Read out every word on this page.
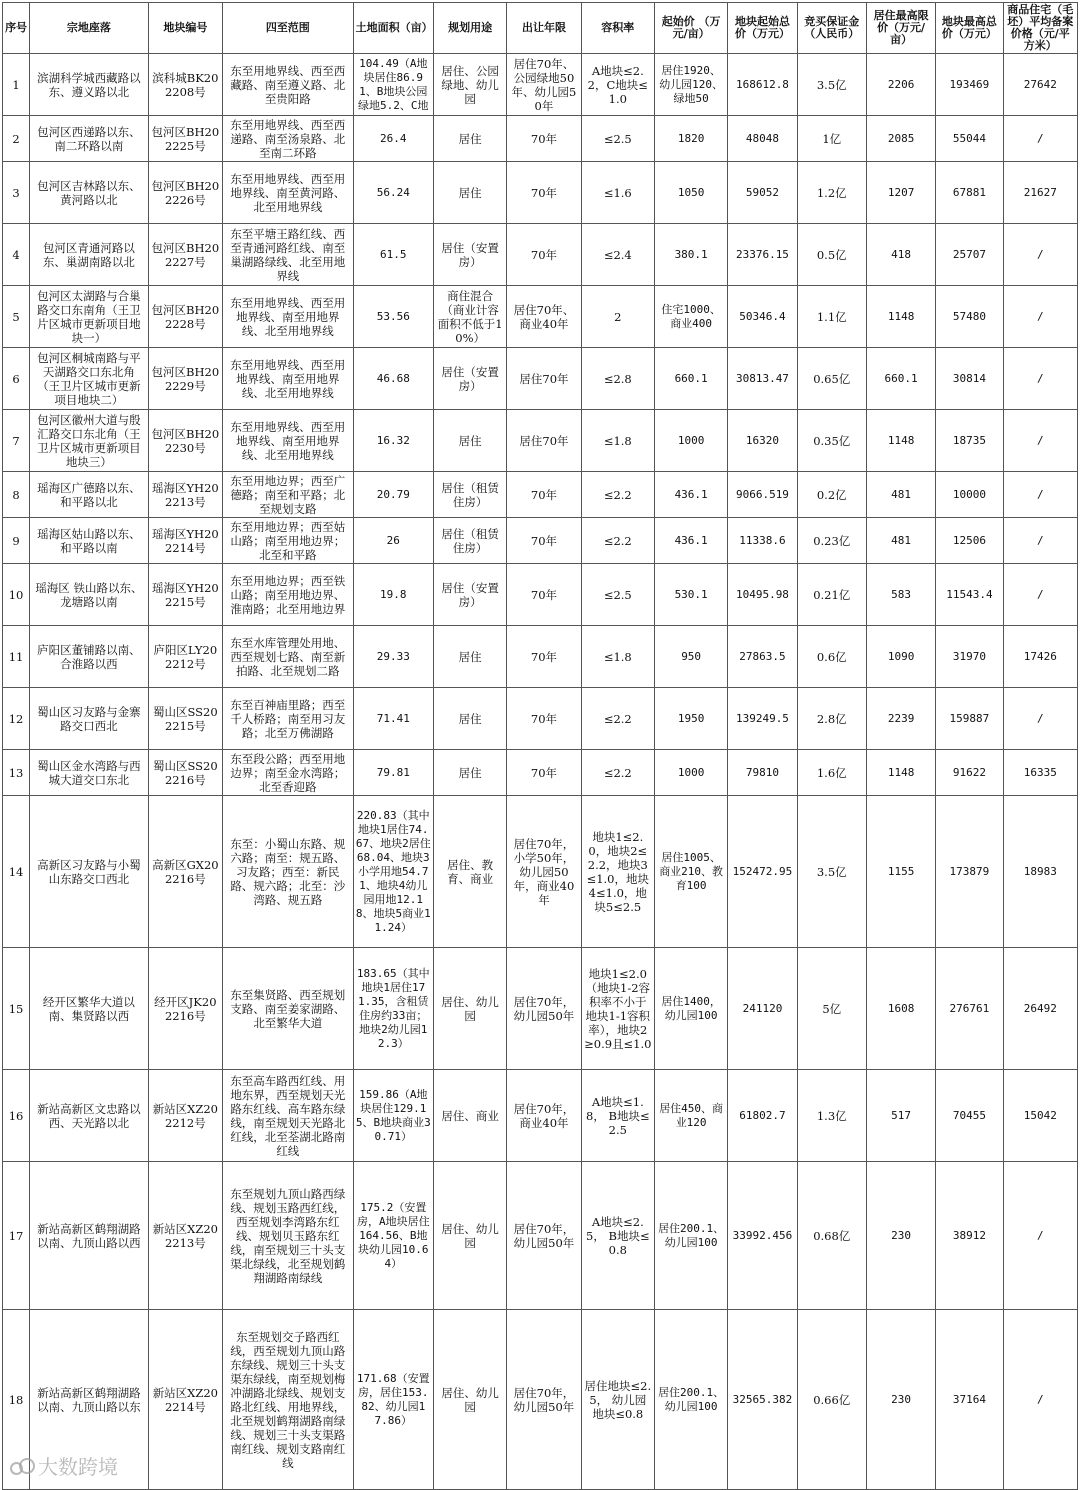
序号	宗地座落	地块编号	四至范围	土地面积（亩）	规划用途	出让年限	容积率	起始价 （万元/亩）	地块起始总价（万元）	竞买保证金（人民币）	居住最高限价（万元/亩）	地块最高总价（万元）	商品住宅（毛坯）平均备案价格（元/平方米）
1	滨湖科学城西藏路以东、遵义路以北	滨科城BK202208号	东至用地界线、西至西藏路、南至遵义路、北至贵阳路	104.49（A地块居住86.91、B地块公园绿地5.2、C地	居住、公园绿地、幼儿园	居住70年、公园绿地50年、幼儿园50年	A地块≤2.2，C地块≤1.0	居住1920、幼儿园120、绿地50	168612.8	3.5亿	2206	193469	27642
2	包河区西递路以东、南二环路以南	包河区BH202225号	东至用地界线、西至西递路、南至汤泉路、北至南二环路	26.4	居住	70年	≤2.5	1820	48048	1亿	2085	55044	/
3	包河区吉林路以东、黄河路以北	包河区BH202226号	东至用地界线、西至用地界线、南至黄河路、北至用地界线	56.24	居住	70年	≤1.6	1050	59052	1.2亿	1207	67881	21627
4	包河区青通河路以东、巢湖南路以北	包河区BH202227号	东至平塘王路红线、西至青通河路红线、南至巢湖路绿线、北至用地界线	61.5	居住（安置房）	70年	≤2.4	380.1	23376.15	0.5亿	418	25707	/
5	包河区太湖路与合巢路交口东南角（王卫片区城市更新项目地块一）	包河区BH202228号	东至用地界线、西至用地界线、南至用地界线、北至用地界线	53.56	商住混合（商业计容面积不低于10%）	居住70年、商业40年	2	住宅1000、商业400	50346.4	1.1亿	1148	57480	/
6	包河区桐城南路与平天湖路交口东北角（王卫片区城市更新项目地块二）	包河区BH202229号	东至用地界线、西至用地界线、南至用地界线、北至用地界线	46.68	居住（安置房）	居住70年	≤2.8	660.1	30813.47	0.65亿	660.1	30814	/
7	包河区徽州大道与殷汇路交口东北角（王卫片区城市更新项目地块三）	包河区BH202230号	东至用地界线、西至用地界线、南至用地界线、北至用地界线	16.32	居住	居住70年	≤1.8	1000	16320	0.35亿	1148	18735	/
8	瑶海区广德路以东、和平路以北	瑶海区YH202213号	东至用地边界；西至广德路；南至和平路；北至规划支路	20.79	居住（租赁住房）	70年	≤2.2	436.1	9066.519	0.2亿	481	10000	/
9	瑶海区姑山路以东、和平路以南	瑶海区YH202214号	东至用地边界；西至姑山路；南至用地边界；北至和平路	26	居住（租赁住房）	70年	≤2.2	436.1	11338.6	0.23亿	481	12506	/
10	瑶海区 铁山路以东、龙塘路以南	瑶海区YH202215号	东至用地边界；西至铁山路；南至用地边界、淮南路；北至用地边界	19.8	居住（安置房）	70年	≤2.5	530.1	10495.98	0.21亿	583	11543.4	/
11	庐阳区董铺路以南、合淮路以西	庐阳区LY202212号	东至水库管理处用地、西至规划七路、南至新拍路、北至规划二路	29.33	居住	70年	≤1.8	950	27863.5	0.6亿	1090	31970	17426
12	蜀山区习友路与金寨路交口西北	蜀山区SS202215号	东至百神庙里路；西至千人桥路；南至用习友路；北至万佛湖路	71.41	居住	70年	≤2.2	1950	139249.5	2.8亿	2239	159887	/
13	蜀山区金水湾路与西城大道交口东北	蜀山区SS202216号	东至段公路；西至用地边界；南至金水湾路；北至香迎路	79.81	居住	70年	≤2.2	1000	79810	1.6亿	1148	91622	16335
14	高新区习友路与小蜀山东路交口西北	高新区GX202216号	东至：小蜀山东路、规六路；南至：规五路、习友路；西至：新民路、规六路；北至：沙湾路、规五路	220.83（其中地块1居住74.67、地块2居住68.04、地块3小学用地54.71、地块4幼儿园用地12.18、地块5商业11.24）	居住、教育、商业	居住70年，小学50年，幼儿园50年，商业40年	地块1≤2.0，地块2≤2.2，地块3≤1.0，地块4≤1.0，地块5≤2.5	居住1005、商业210、教育100	152472.95	3.5亿	1155	173879	18983
15	经开区繁华大道以南、集贤路以西	经开区JK202216号	东至集贤路、西至规划支路、南至姜家湖路、北至繁华大道	183.65（其中地块1居住171.35，含租赁住房约33亩；地块2幼儿园12.3）	居住、幼儿园	居住70年，幼儿园50年	地块1≤2.0（地块1-2容积率不小于地块1-1容积率），地块2≥0.9且≤1.0	居住1400，幼儿园100	241120	5亿	1608	276761	26492
16	新站高新区文忠路以西、天光路以北	新站区XZ202212号	东至高车路西红线、用地东界，西至规划天光路东红线、高车路东绿线，南至规划天光路北红线，北至荃湖北路南红线	159.86（A地块居住129.15、B地块商业30.71）	居住、商业	居住70年，商业40年	A地块≤1.8， B地块≤2.5	居住450、商业120	61802.7	1.3亿	517	70455	15042
17	新站高新区鹤翔湖路以南、九顶山路以西	新站区XZ202213号	东至规划九顶山路西绿线、规划玉路西红线，西至规划李湾路东红线、规划贝玉路东红线，南至规划三十头支渠北绿线，北至规划鹤翔湖路南绿线	175.2（安置房，A地块居住164.56、B地块幼儿园10.64）	居住、幼儿园	居住70年，幼儿园50年	A地块≤2.5， B地块≤0.8	居住200.1、幼儿园100	33992.456	0.68亿	230	38912	/
18	新站高新区鹤翔湖路以南、九顶山路以东	新站区XZ202214号	东至规划交子路西红线，西至规划九顶山路东绿线、规划三十头支渠东绿线，南至规划梅冲湖路北绿线、规划支路北红线、用地界线，北至规划鹤翔湖路南绿线、规划三十头支渠路南红线、规划支路南红线	171.68（安置房，居住153.82、幼儿园17.86）	居住、幼儿园	居住70年，幼儿园50年	居住地块≤2.5， 幼儿园地块≤0.8	居住200.1、幼儿园100	32565.382	0.66亿	230	37164	/
大数跨境
